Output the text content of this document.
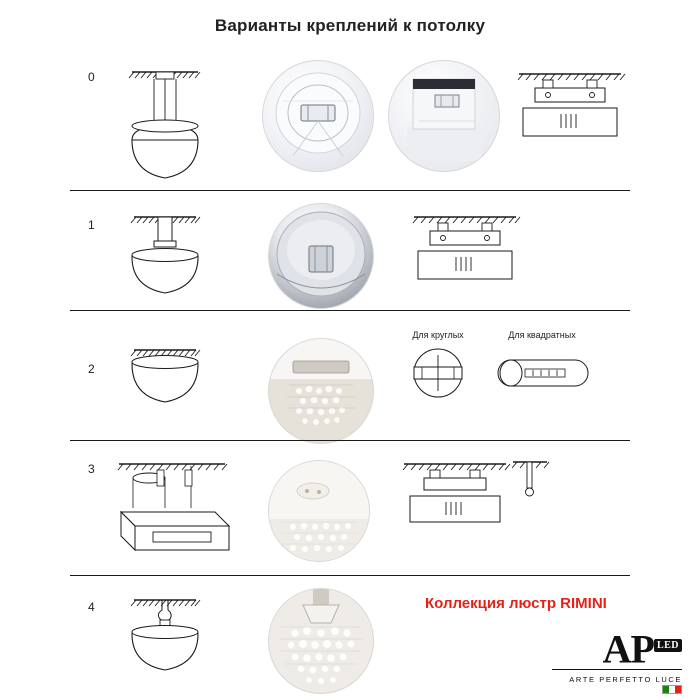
Варианты креплений к потолку
0
1
2
Для круглых	Для квадратных
3
4	Коллекция люстр RIMINI
AP $^{LED}$
ARTE PERFETTO LUCE
